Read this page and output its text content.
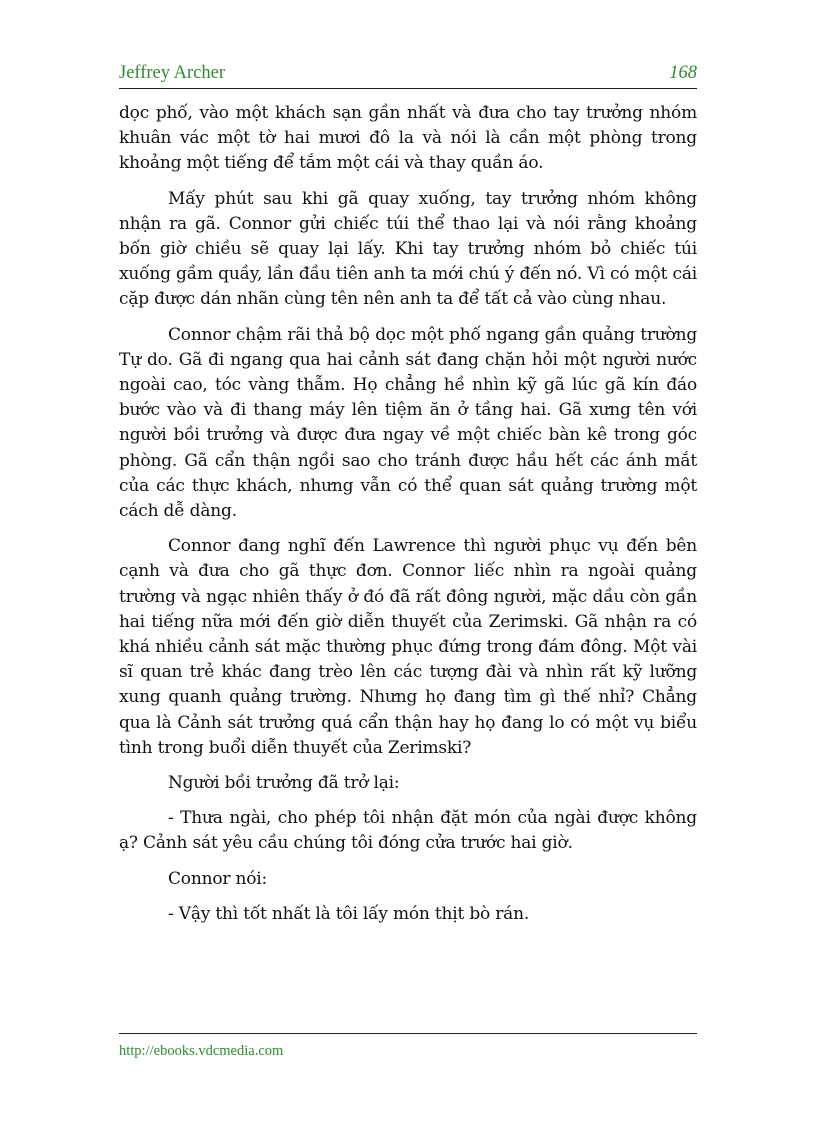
Jeffrey Archer	168

dọc phố, vào một khách sạn gần nhất và đưa cho tay trưởng nhóm khuân vác một tờ hai mươi đô la và nói là cần một phòng trong khoảng một tiếng để tắm một cái và thay quần áo.

Mấy phút sau khi gã quay xuống, tay trưởng nhóm không nhận ra gã. Connor gửi chiếc túi thể thao lại và nói rằng khoảng bốn giờ chiều sẽ quay lại lấy. Khi tay trưởng nhóm bỏ chiếc túi xuống gầm quầy, lần đầu tiên anh ta mới chú ý đến nó. Vì có một cái cặp được dán nhãn cùng tên nên anh ta để tất cả vào cùng nhau.

Connor chậm rãi thả bộ dọc một phố ngang gần quảng trường Tự do. Gã đi ngang qua hai cảnh sát đang chặn hỏi một người nước ngoài cao, tóc vàng thẫm. Họ chẳng hề nhìn kỹ gã lúc gã kín đáo bước vào và đi thang máy lên tiệm ăn ở tầng hai. Gã xưng tên với người bồi trưởng và được đưa ngay về một chiếc bàn kê trong góc phòng. Gã cẩn thận ngồi sao cho tránh được hầu hết các ánh mắt của các thực khách, nhưng vẫn có thể quan sát quảng trường một cách dễ dàng.

Connor đang nghĩ đến Lawrence thì người phục vụ đến bên cạnh và đưa cho gã thực đơn. Connor liếc nhìn ra ngoài quảng trường và ngạc nhiên thấy ở đó đã rất đông người, mặc dầu còn gần hai tiếng nữa mới đến giờ diễn thuyết của Zerimski. Gã nhận ra có khá nhiều cảnh sát mặc thường phục đứng trong đám đông. Một vài sĩ quan trẻ khác đang trèo lên các tượng đài và nhìn rất kỹ lưỡng xung quanh quảng trường. Nhưng họ đang tìm gì thế nhỉ? Chẳng qua là Cảnh sát trưởng quá cẩn thận hay họ đang lo có một vụ biểu tình trong buổi diễn thuyết của Zerimski?

Người bồi trưởng đã trở lại:

- Thưa ngài, cho phép tôi nhận đặt món của ngài được không ạ? Cảnh sát yêu cầu chúng tôi đóng cửa trước hai giờ.

Connor nói:

- Vậy thì tốt nhất là tôi lấy món thịt bò rán.

http://ebooks.vdcmedia.com
